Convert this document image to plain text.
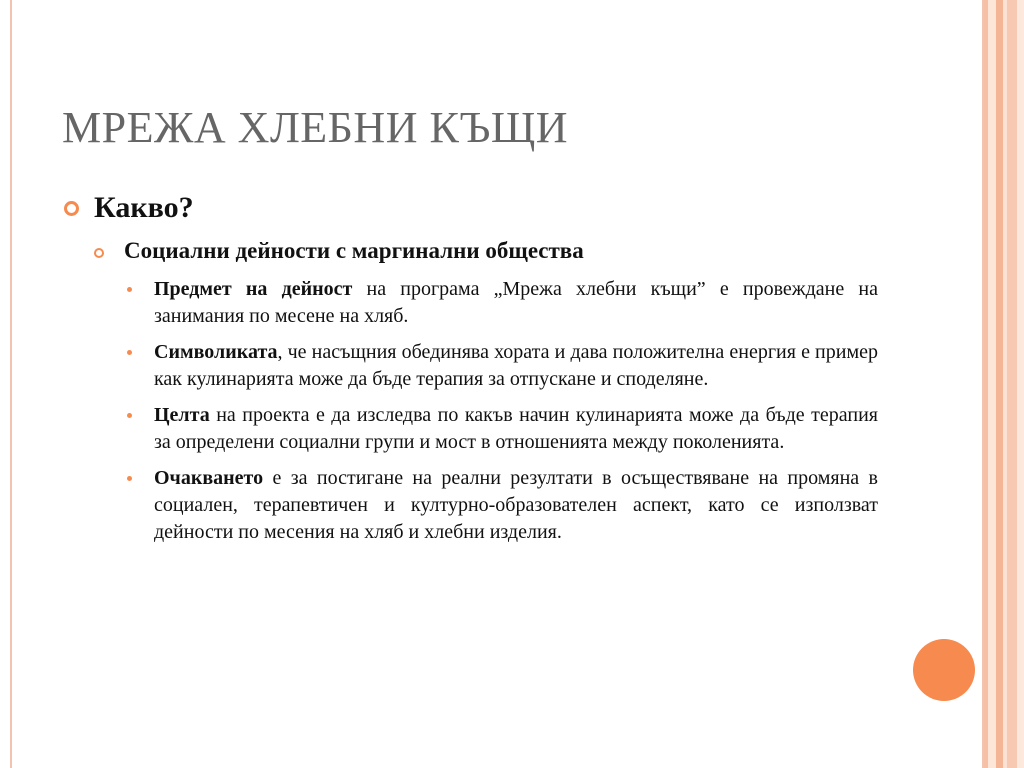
МРЕЖА ХЛЕБНИ КЪЩИ
Какво?
Социални дейности с маргинални общества
Предмет на дейност на програма „Мрежа хлебни къщи” е провеждане на занимания по месене на хляб.
Символиката, че насъщния обединява хората и дава положителна енергия е пример как кулинарията може да бъде терапия за отпускане и споделяне.
Целта на проекта е да изследва по какъв начин кулинарията може да бъде терапия за определени социални групи и мост в отношенията между поколенията.
Очакването е за постигане на реални резултати в осъществяване на промяна в социален, терапевтичен и културно-образователен аспект, като се използват дейности по месения на хляб и хлебни изделия.
